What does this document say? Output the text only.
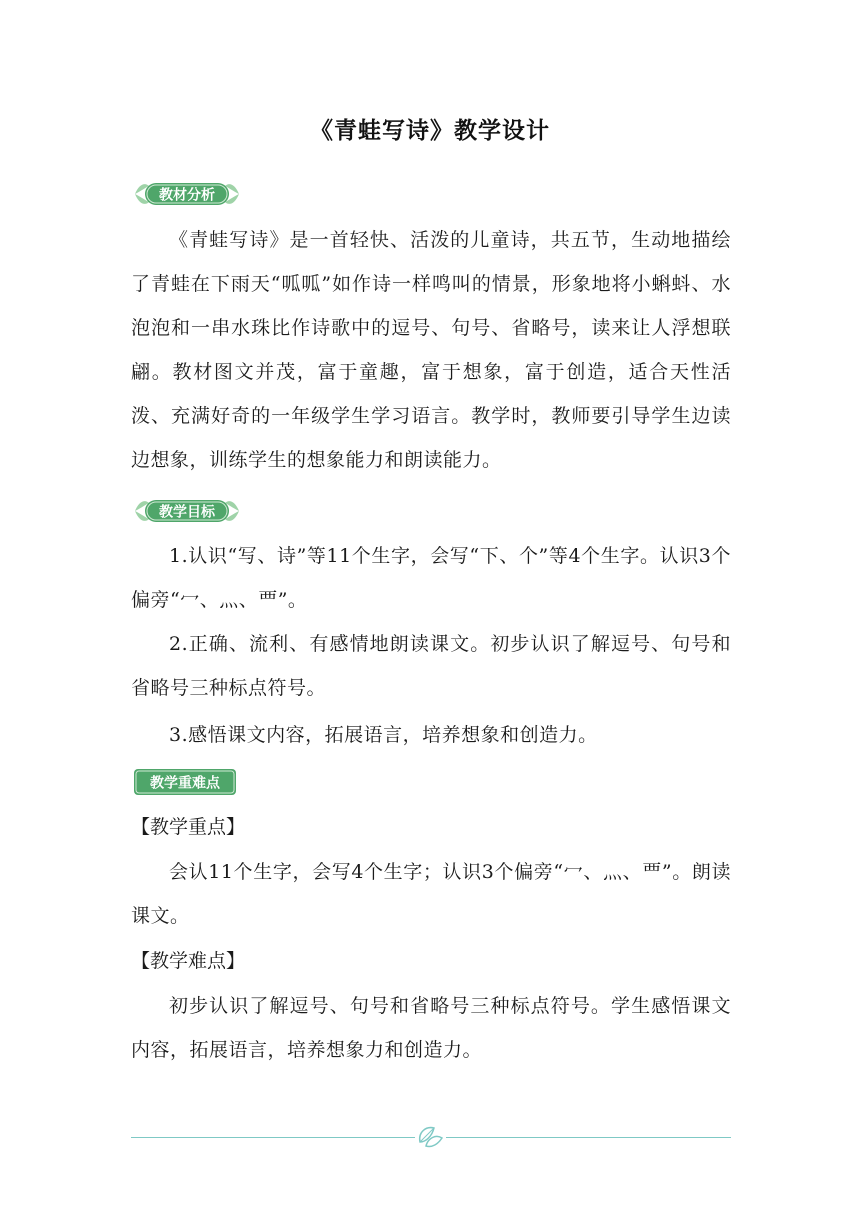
《青蛙写诗》教学设计
教材分析

《青蛙写诗》是一首轻快、活泼的儿童诗，共五节，生动地描绘了青蛙在下雨天“呱呱”如作诗一样鸣叫的情景，形象地将小蝌蚪、水泡泡和一串水珠比作诗歌中的逗号、句号、省略号，读来让人浮想联翩。教材图文并茂，富于童趣，富于想象，富于创造，适合天性活泼、充满好奇的一年级学生学习语言。教学时，教师要引导学生边读边想象，训练学生的想象能力和朗读能力。

教学目标

1.认识“写、诗”等11个生字，会写“下、个”等4个生字。认识3个偏旁“冖、灬、覀”。

2.正确、流利、有感情地朗读课文。初步认识了解逗号、句号和省略号三种标点符号。

3.感悟课文内容，拓展语言，培养想象和创造力。

教学重难点

【教学重点】

会认11个生字，会写4个生字；认识3个偏旁“冖、灬、覀”。朗读课文。

【教学难点】

初步认识了解逗号、句号和省略号三种标点符号。学生感悟课文内容，拓展语言，培养想象力和创造力。
